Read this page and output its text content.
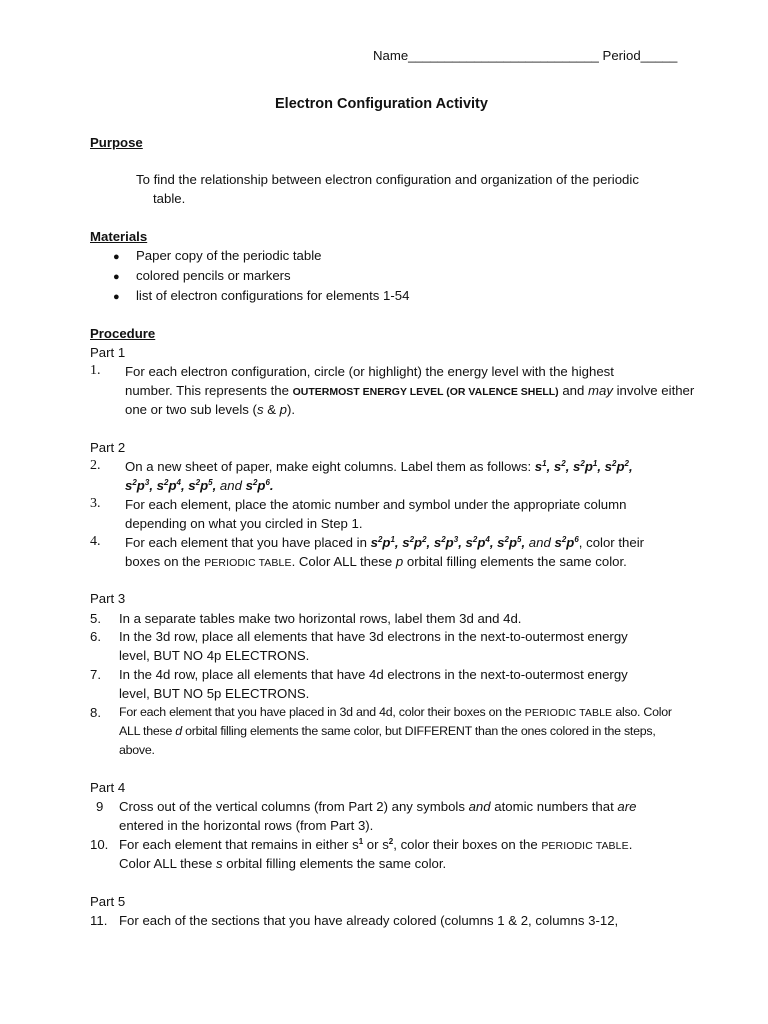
Name__________________________ Period_____
Electron Configuration Activity
Purpose
To find the relationship between electron configuration and organization of the periodic
table.
Materials
● Paper copy of the periodic table
● colored pencils or markers
● list of electron configurations for elements 1-54
Procedure
Part 1
1. For each electron configuration, circle (or highlight) the energy level with the highest
number. This represents the OUTERMOST ENERGY LEVEL (OR VALENCE SHELL) and may involve either
one or two sub levels (s & p).
Part 2
2. On a new sheet of paper, make eight columns. Label them as follows: $s^1$, $s^2$, $s^2p^1$, $s^2p^2$,
$s^2p^3$, $s^2p^4$, $s^2p^5$, and $s^2p^6$.
3. For each element, place the atomic number and symbol under the appropriate column
depending on what you circled in Step 1.
4. For each element that you have placed in $s^2p^1$, $s^2p^2$, $s^2p^3$, $s^2p^4$, $s^2p^5$, and $s^2p^6$, color their
boxes on the PERIODIC TABLE. Color ALL these p orbital filling elements the same color.
Part 3
5. In a separate tables make two horizontal rows, label them 3d and 4d.
6. In the 3d row, place all elements that have 3d electrons in the next-to-outermost energy
level, BUT NO 4p ELECTRONS.
7. In the 4d row, place all elements that have 4d electrons in the next-to-outermost energy
level, BUT NO 5p ELECTRONS.
8. For each element that you have placed in 3d and 4d, color their boxes on the PERIODIC TABLE also. Color
ALL these d orbital filling elements the same color, but DIFFERENT than the ones colored in the steps,
above.
Part 4
9 Cross out of the vertical columns (from Part 2) any symbols and atomic numbers that are
entered in the horizontal rows (from Part 3).
10. For each element that remains in either $s^1$ or $s^2$, color their boxes on the PERIODIC TABLE.
Color ALL these s orbital filling elements the same color.
Part 5
11. For each of the sections that you have already colored (columns 1 & 2, columns 3-12,
